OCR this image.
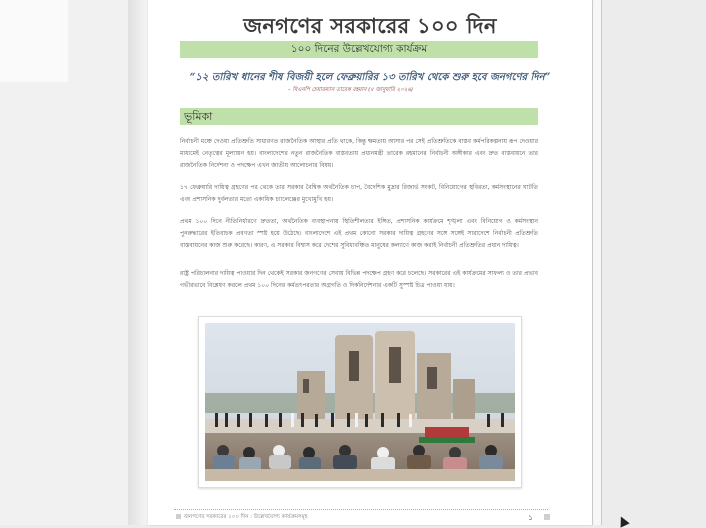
জনগণের সরকারের ১০০ দিন
১০০ দিনের উল্লেখযোগ্য কার্যক্রম
“১২ তারিখ ধানের শীষ বিজয়ী হলে ফেব্রুয়ারির ১৩ তারিখ থেকে শুরু হবে জনগণের দিন”
– বিএনপি চেয়ারম্যান তারেক রহমান (৫ জানুয়ারি ২০২৬)
ভূমিকা

নির্বাচনী মঞ্চে দেওয়া প্রতিশ্রুতি সাধারণত রাজনৈতিক আস্থার প্রতি থাকে, কিন্তু ক্ষমতায় আসার পর সেই প্রতিশ্রুতিকে বাস্তব কর্মপরিকল্পনায় রূপ দেওয়ার মাধ্যমেই নেতৃত্বের মূল্যায়ন হয়। বাংলাদেশের নতুন রাজনৈতিক বাস্তবতায় প্রধানমন্ত্রী তারেক রহমানের নির্বাচনী অঙ্গীকার এবং দ্রুত বাস্তবায়নে তার রাজনৈতিক নির্দেশনা ও পদক্ষেপ এখন জাতীয় আলোচনার বিষয়।

১৭ ফেব্রুয়ারি দায়িত্ব গ্রহণের পর থেকে তার সরকার বৈশ্বিক অর্থনৈতিক চাপ, বৈদেশিক মুদ্রার রিজার্ভ সংকট, বিনিয়োগের স্থবিরতা, কর্মসংস্থানের ঘাটতি এবং প্রশাসনিক দুর্বলতার মতো একাধিক চ্যালেঞ্জের মুখোমুখি হয়।

প্রথম ১০০ দিনে নীতিনির্ধারণে দ্রুততা, অর্থনৈতিক ব্যবস্থাপনায় স্থিতিশীলতার ইঙ্গিত, প্রশাসনিক কার্যক্রমে শৃঙ্খলা এবং বিনিয়োগ ও কর্মসংস্থান পুনরুদ্ধারের ইতিবাচক প্রবণতা স্পষ্ট হয়ে উঠেছে। বাংলাদেশে এই প্রথম কোনো সরকার দায়িত্ব গ্রহণের সঙ্গে সঙ্গেই সারাদেশে নির্বাচনী প্রতিশ্রুতি বাস্তবায়নের কাজ শুরু করেছে। কারণ, এ সরকার বিশ্বাস করে দেশের সুবিধাবঞ্চিত মানুষের কল্যাণে কাজ করাই নির্বাচনী প্রতিশ্রুতির প্রধান দায়িত্ব।

রাষ্ট্র পরিচালনার দায়িত্ব পাওয়ার দিন থেকেই সরকার জনগণের সেবায় বিভিন্ন পদক্ষেপ গ্রহণ করে চলেছে। সরকারের এই কার্যক্রমের সাফল্য ও তার প্রভাব গভীরভাবে বিশ্লেষণ করলে প্রথম ১০০ দিনের কর্মতৎপরতার অগ্রগতি ও দিকনির্দেশনার একটি সুস্পষ্ট চিত্র পাওয়া যায়।

জনগণের সরকারের ১০০ দিন : উল্লেখযোগ্য কার্যক্রমসমূহ	১
